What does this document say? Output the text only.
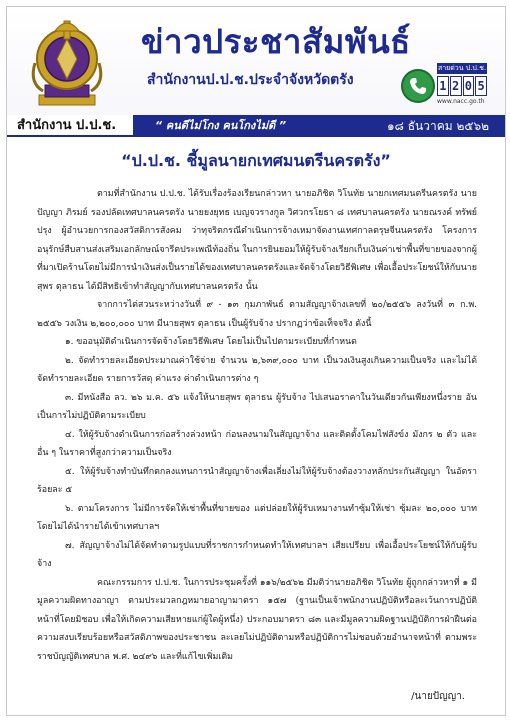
ข่าวประชาสัมพันธ์
สำนักงานป.ป.ช.ประจำจังหวัดตรัง
สายด่วน ป.ป.ช.
1 2 0 5
www.nacc.go.th
สำนักงาน ป.ป.ช.	“ คนดีไม่โกง คนโกงไม่ดี ”	๑๘ ธันวาคม ๒๕๖๒
“ป.ป.ช. ชี้มูลนายกเทศมนตรีนครตรัง”

ตามที่สำนักงาน ป.ป.ช. ได้รับเรื่องร้องเรียนกล่าวหา นายอภิชิต วิโนทัย นายกเทศมนตรีนครตรัง นายปัญญา ภิรมย์ รองปลัดเทศบาลนครตรัง นายยงยุทธ เบญจวรางกูล วิศวกรโยธา ๘ เทศบาลนครตรัง นายณรงค์ ทรัพย์ปรุง ผู้อำนวยการกองสวัสดิการสังคม ว่าทุจริตกรณีดำเนินการจ้างเหมาจัดงานเทศกาลตรุษจีนนครตรัง โครงการอนุรักษ์สืบสานส่งเสริมเอกลักษณ์จารีตประเพณีท้องถิ่น ในการยินยอมให้ผู้รับจ้างเรียกเก็บเงินค่าเช่าพื้นที่ขายของจากผู้ที่มาเปิดร้านโดยไม่มีการนำเงินส่งเป็นรายได้ของเทศบาลนครตรังและจัดจ้างโดยวิธีพิเศษ เพื่อเอื้อประโยชน์ให้กับนายสุพร ตุลาธน ได้มีสิทธิเข้าทำสัญญากับเทศบาลนครตรัง นั้น

จากการไต่สวนระหว่างวันที่ ๙ - ๑๓ กุมภาพันธ์ ตามสัญญาจ้างเลขที่ ๒๐/๒๕๕๖ ลงวันที่ ๓ ก.พ. ๒๕๕๖ วงเงิน ๒,๒๐๐,๐๐๐ บาท มีนายสุพร ตุลาธน เป็นผู้รับจ้าง ปรากฏว่าข้อเท็จจริง ดังนี้

๑. ขออนุมัติดำเนินการจัดจ้างโดยวิธีพิเศษ โดยไม่เป็นไปตามระเบียบที่กำหนด

๒. จัดทำรายละเอียดประมาณค่าใช้จ่าย จำนวน ๒,๖๓๙,๐๐๐ บาท เป็นวงเงินสูงเกินความเป็นจริง และไม่ได้จัดทำรายละเอียด รายการวัสดุ ค่าแรง ค่าดำเนินการต่าง ๆ

๓. มีหนังสือ ลว. ๒๖ ม.ค. ๕๖ แจ้งให้นายสุพร ตุลาธน ผู้รับจ้าง ไปเสนอราคาในวันเดียวกันเพียงหนึ่งราย อันเป็นการไม่ปฏิบัติตามระเบียบ

๔. ให้ผู้รับจ้างดำเนินการก่อสร้างล่วงหน้า ก่อนลงนามในสัญญาจ้าง และติดตั้งโคมไฟสังข์ง มังกร ๒ ตัว และอื่น ๆ ในราคาที่สูงกว่าความเป็นจริง

๕. ให้ผู้รับจ้างทำบันทึกตกลงแทนการนำสัญญาจ้างเพื่อเลี่ยงไม่ให้ผู้รับจ้างต้องวางหลักประกันสัญญา ในอัตราร้อยละ ๕

๖. ตามโครงการ ไม่มีการจัดให้เช่าพื้นที่ขายของ แต่ปล่อยให้ผู้รับเหมางานทำซุ้มให้เช่า ซุ้มละ ๒๐,๐๐๐ บาท โดยไม่ได้นำรายได้เข้าเทศบาลฯ

๗. สัญญาจ้างไม่ได้จัดทำตามรูปแบบที่ราชการกำหนดทำให้เทศบาลฯ เสียเปรียบ เพื่อเอื้อประโยชน์ให้กับผู้รับจ้าง

คณะกรรมการ ป.ป.ช. ในการประชุมครั้งที่ ๑๑๖/๒๕๖๒ มีมติว่านายอภิชิต วิโนทัย ผู้ถูกกล่าวหาที่ ๑ มีมูลความผิดทางอาญา ตามประมวลกฎหมายอาญามาตรา ๑๕๗ (ฐานเป็นเจ้าพนักงานปฏิบัติหรือละเว้นการปฏิบัติหน้าที่โดยมิชอบ เพื่อให้เกิดความเสียหายแก่ผู้ใดผู้หนึ่ง) ประกอบมาตรา ๘๓ และมีมูลความผิดฐานปฏิบัติการฝ่าฝืนต่อความสงบเรียบร้อยหรือสวัสดิภาพของประชาชน ละเลยไม่ปฏิบัติตามหรือปฏิบัติการไม่ชอบด้วยอำนาจหน้าที่ ตามพระราชบัญญัติเทศบาล พ.ศ. ๒๔๙๖ และที่แก้ไขเพิ่มเติม

/นายปัญญา.
